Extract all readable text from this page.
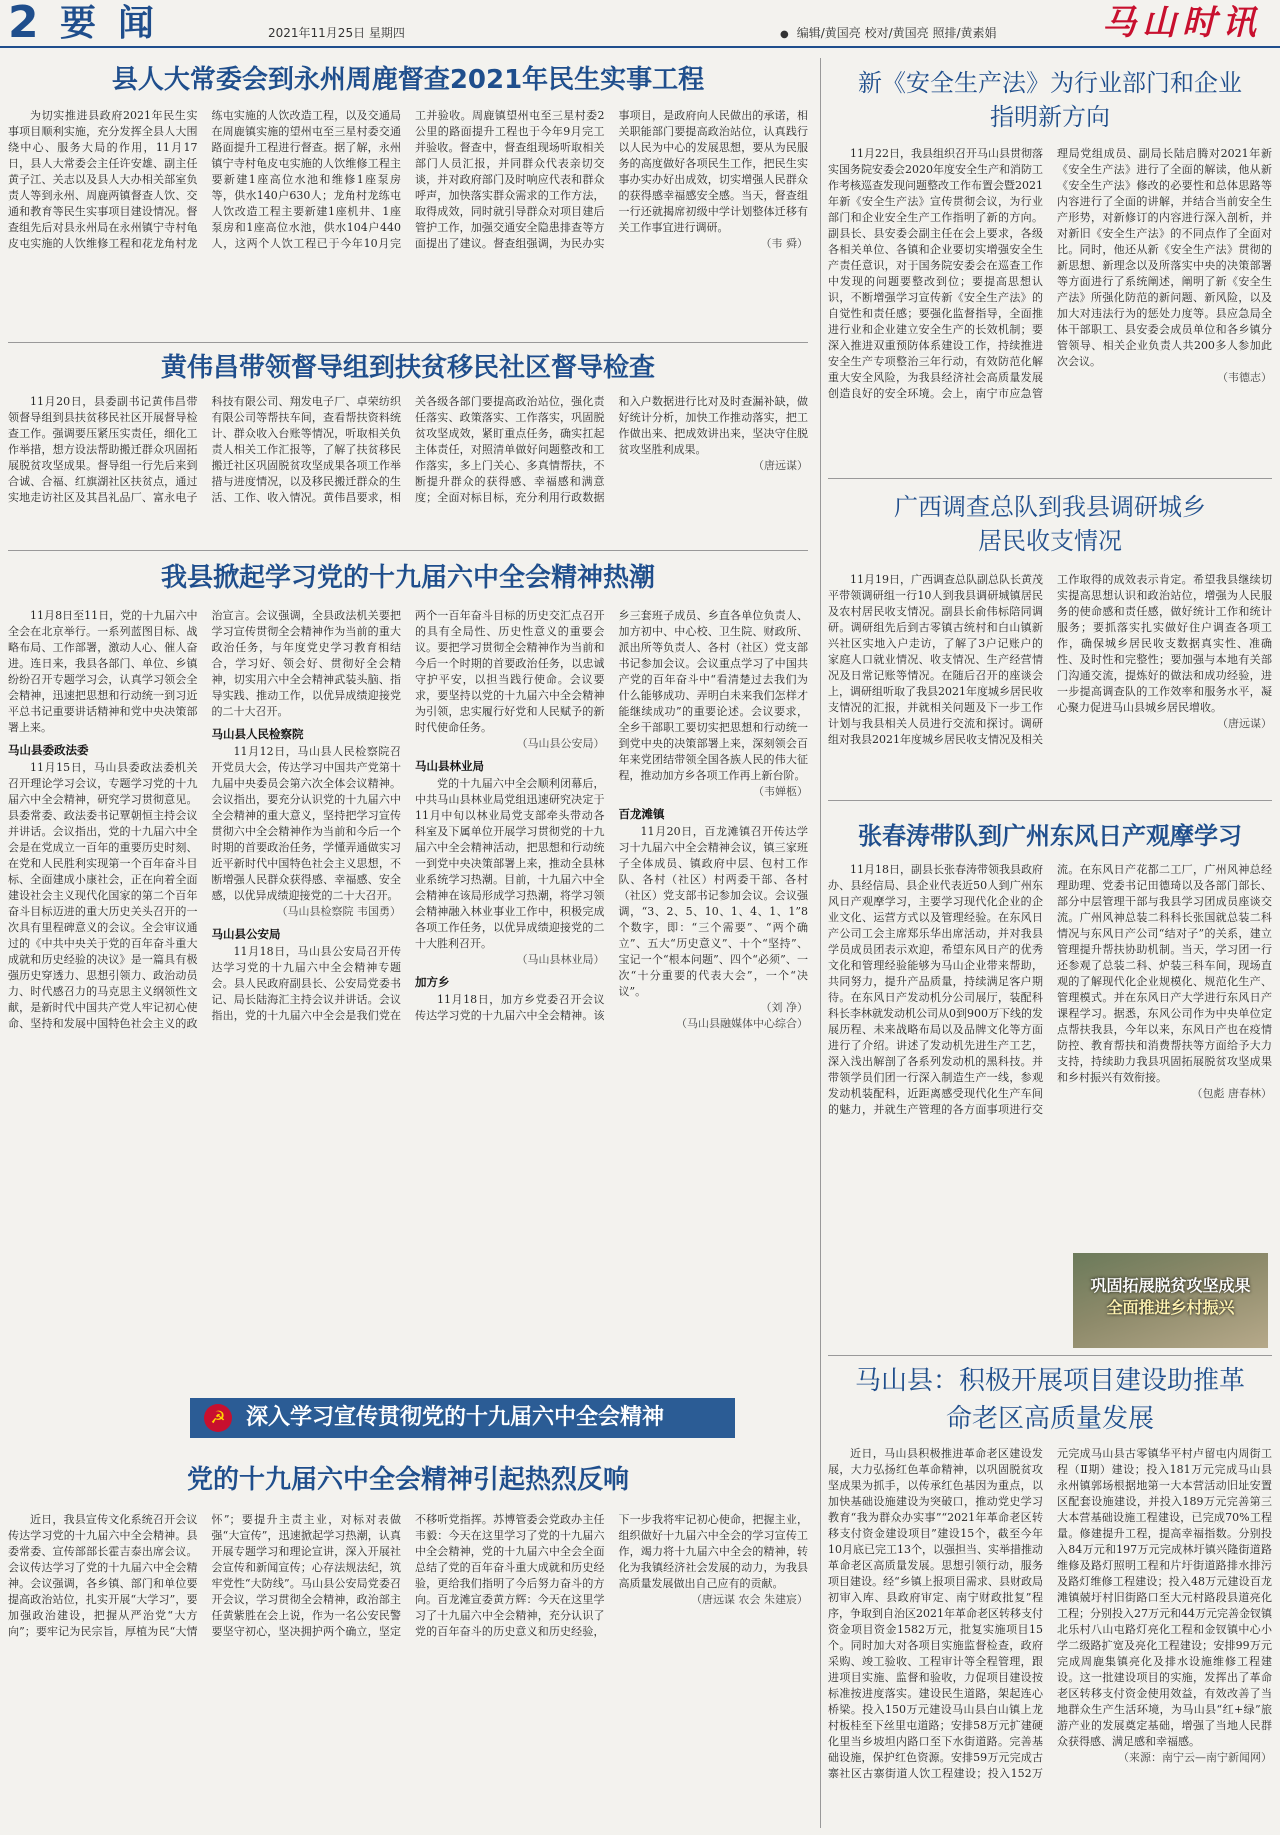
2 要闻	2021年11月25日 星期四
●	编辑/黄国亮 校对/黄国亮 照排/黄素娟	马山时讯
县人大常委会到永州周鹿督查2021年民生实事工程

为切实推进县政府2021年民生实事项目顺利实施，充分发挥全县人大围绕中心、服务大局的作用，11月17日，县人大常委会主任许安雄、副主任黄子江、关志以及县人大办相关部室负责人等到永州、周鹿两镇督查人饮、交通和教育等民生实事项目建设情况。督查组先后对县永州局在永州镇宁寺村龟皮屯实施的人饮维修工程和花龙角村龙练屯实施的人饮改造工程，以及交通局在周鹿镇实施的望州屯至三星村委交通路面提升工程进行督查。据了解，永州镇宁寺村龟皮屯实施的人饮维修工程主要新建1座高位水池和维修1座泵房等，供水140户630人；龙角村龙练屯人饮改造工程主要新建1座机井、1座泵房和1座高位水池，供水104户440人，这两个人饮工程已于今年10月完工并验收。周鹿镇望州屯至三星村委2公里的路面提升工程也于今年9月完工并验收。督查中，督查组现场听取相关部门人员汇报，并同群众代表亲切交谈，并对政府部门及时响应代表和群众呼声，加快落实群众需求的工作方法，取得成效，同时就引导群众对项目建后管护工作，加强交通安全隐患排查等方面提出了建议。督查组强调，为民办实事项目，是政府向人民做出的承诺，相关职能部门要提高政治站位，认真践行以人民为中心的发展思想，要从为民服务的高度做好各项民生工作，把民生实事办实办好出成效，切实增强人民群众的获得感幸福感安全感。当天，督查组一行还就揭席初级中学计划整体迁移有关工作事宜进行调研。

（韦 舜）
黄伟昌带领督导组到扶贫移民社区督导检查

11月20日，县委副书记黄伟昌带领督导组到县扶贫移民社区开展督导检查工作。强调要压紧压实责任，细化工作举措，想方设法帮助搬迁群众巩固拓展脱贫攻坚成果。督导组一行先后来到合诚、合福、红旗湖社区扶贫点，通过实地走访社区及其昌礼品厂、富永电子科技有限公司、翔发电子厂、卓荣纺织有限公司等帮扶车间，查看帮扶资料统计、群众收入台账等情况，听取相关负责人相关工作汇报等，了解了扶贫移民搬迁社区巩固脱贫攻坚成果各项工作举措与进度情况，以及移民搬迁群众的生活、工作、收入情况。黄伟昌要求，相关各级各部门要提高政治站位，强化责任落实、政策落实、工作落实，巩固脱贫攻坚成效，紧盯重点任务，确实扛起主体责任，对照清单做好问题整改和工作落实，多上门关心、多真情帮扶，不断提升群众的获得感、幸福感和满意度；全面对标目标，充分利用行政数据和入户数据进行比对及时查漏补缺，做好统计分析，加快工作推动落实，把工作做出来、把成效讲出来，坚决守住脱贫攻坚胜利成果。

（唐远谋）
我县掀起学习党的十九届六中全会精神热潮

11月8日至11日，党的十九届六中全会在北京举行。一系列蓝图目标、战略布局、工作部署，激动人心、催人奋进。连日来，我县各部门、单位、乡镇纷纷召开专题学习会，认真学习领会全会精神，迅速把思想和行动统一到习近平总书记重要讲话精神和党中央决策部署上来。

马山县委政法委

11月15日，马山县委政法委机关召开理论学习会议，专题学习党的十九届六中全会精神，研究学习贯彻意见。县委常委、政法委书记覃朝恒主持会议并讲话。会议指出，党的十九届六中全会是在党成立一百年的重要历史时刻、在党和人民胜利实现第一个百年奋斗目标、全面建成小康社会，正在向着全面建设社会主义现代化国家的第二个百年奋斗目标迈进的重大历史关头召开的一次具有里程碑意义的会议。全会审议通过的《中共中央关于党的百年奋斗重大成就和历史经验的决议》是一篇具有极强历史穿透力、思想引领力、政治动员力、时代感召力的马克思主义纲领性文献，是新时代中国共产党人牢记初心使命、坚持和发展中国特色社会主义的政治宣言。会议强调，全县政法机关要把学习宣传贯彻全会精神作为当前的重大政治任务，与年度党史学习教育相结合，学习好、领会好、贯彻好全会精神，切实用六中全会精神武装头脑、指导实践、推动工作，以优异成绩迎接党的二十大召开。

马山县人民检察院

11月12日，马山县人民检察院召开党员大会，传达学习中国共产党第十九届中央委员会第六次全体会议精神。会议指出，要充分认识党的十九届六中全会精神的重大意义，坚持把学习宣传贯彻六中全会精神作为当前和今后一个时期的首要政治任务，学懂弄通做实习近平新时代中国特色社会主义思想，不断增强人民群众获得感、幸福感、安全感，以优异成绩迎接党的二十大召开。

（马山县检察院 韦国勇）
马山县公安局

11月18日，马山县公安局召开传达学习党的十九届六中全会精神专题会。县人民政府副县长、公安局党委书记、局长陆海汇主持会议并讲话。会议指出，党的十九届六中全会是我们党在两个一百年奋斗目标的历史交汇点召开的具有全局性、历史性意义的重要会议。要把学习贯彻全会精神作为当前和今后一个时期的首要政治任务，以忠诚守护平安，以担当践行使命。会议要求，要坚持以党的十九届六中全会精神为引领，忠实履行好党和人民赋予的新时代使命任务。

（马山县公安局）
马山县林业局

党的十九届六中全会顺利闭幕后，中共马山县林业局党组迅速研究决定于11月中旬以林业局党支部牵头带动各科室及下属单位开展学习贯彻党的十九届六中全会精神活动，把思想和行动统一到党中央决策部署上来，推动全县林业系统学习热潮。目前，十九届六中全会精神在该局形成学习热潮，将学习领会精神融入林业事业工作中，积极完成各项工作任务，以优异成绩迎接党的二十大胜利召开。

（马山县林业局）
加方乡

11月18日，加方乡党委召开会议传达学习党的十九届六中全会精神。该乡三套班子成员、乡直各单位负责人、加方初中、中心校、卫生院、财政所、派出所等负责人、各村（社区）党支部书记参加会议。会议重点学习了中国共产党的百年奋斗中“看清楚过去我们为什么能够成功、弄明白未来我们怎样才能继续成功”的重要论述。会议要求，全乡干部职工要切实把思想和行动统一到党中央的决策部署上来，深刻领会百年来党团结带领全国各族人民的伟大征程，推动加方乡各项工作再上新台阶。

（韦婵柩）
百龙滩镇

11月20日，百龙滩镇召开传达学习十九届六中全会精神会议，镇三家班子全体成员、镇政府中层、包村工作队、各村（社区）村两委干部、各村（社区）党支部书记参加会议。会议强调，“3、2、5、10、1、4、1、1”8个数字，即：“三个需要”、“两个确立”、五大“历史意义”、十个“坚持”、宝记一个“根本问题”、四个“必须”、一次“十分重要的代表大会”，一个“决议”。

（刘 净）
（马山县融媒体中心综合）
☭ 深入学习宣传贯彻党的十九届六中全会精神
党的十九届六中全会精神引起热烈反响

近日，我县宣传文化系统召开会议传达学习党的十九届六中全会精神。县委常委、宣传部部长霍吉泰出席会议。会议传达学习了党的十九届六中全会精神。会议强调，各乡镇、部门和单位要提高政治站位，扎实开展“大学习”，要加强政治建设，把握从严治党“大方向”；要牢记为民宗旨，厚植为民“大情怀”；要提升主责主业，对标对表做强“大宣传”，迅速掀起学习热潮，认真开展专题学习和理论宣讲，深入开展社会宣传和新闻宣传；心存法规法纪，筑牢党性“大防线”。马山县公安局党委召开会议，学习贯彻全会精神，政治部主任黄紫胜在会上说，作为一名公安民警要坚守初心，坚决拥护两个确立，坚定不移听党指挥。苏博管委会党政办主任韦毅：今天在这里学习了党的十九届六中全会精神，党的十九届六中全会全面总结了党的百年奋斗重大成就和历史经验，更给我们指明了今后努力奋斗的方向。百龙滩宣委黄方辉：今天在这里学习了十九届六中全会精神，充分认识了党的百年奋斗的历史意义和历史经验，下一步我将牢记初心使命，把握主业，组织做好十九届六中全会的学习宣传工作，竭力将十九届六中全会的精神，转化为我镇经济社会发展的动力，为我县高质量发展做出自己应有的贡献。

（唐远谋 农会 朱建宸）
新《安全生产法》为行业部门和企业指明新方向

11月22日，我县组织召开马山县贯彻落实国务院安委会2020年度安全生产和消防工作考核巡查发现问题整改工作布置会暨2021年新《安全生产法》宣传贯彻会议，为行业部门和企业安全生产工作指明了新的方向。副县长、县安委会副主任在会上要求，各级各相关单位、各镇和企业要切实增强安全生产责任意识，对于国务院安委会在巡查工作中发现的问题要整改到位；要提高思想认识，不断增强学习宣传新《安全生产法》的自觉性和责任感；要强化监督指导，全面推进行业和企业建立安全生产的长效机制；要深入推进双重预防体系建设工作，持续推进安全生产专项整治三年行动，有效防范化解重大安全风险，为我县经济社会高质量发展创造良好的安全环境。会上，南宁市应急管理局党组成员、副局长陆启腾对2021年新《安全生产法》进行了全面的解读，他从新《安全生产法》修改的必要性和总体思路等内容进行了全面的讲解，并结合当前安全生产形势，对新修订的内容进行深入剖析，并对新旧《安全生产法》的不同点作了全面对比。同时，他还从新《安全生产法》贯彻的新思想、新理念以及所落实中央的决策部署等方面进行了系统阐述，阐明了新《安全生产法》所强化防范的新问题、新风险，以及加大对违法行为的惩处力度等。县应急局全体干部职工、县安委会成员单位和各乡镇分管领导、相关企业负责人共200多人参加此次会议。

（韦德志）
广西调查总队到我县调研城乡居民收支情况

11月19日，广西调查总队副总队长黄茂平带领调研组一行10人到我县调研城镇居民及农村居民收支情况。副县长俞伟标陪同调研。调研组先后到古零镇古统村和白山镇新兴社区实地入户走访，了解了3户记账户的家庭人口就业情况、收支情况、生产经营情况及日常记账等情况。在随后召开的座谈会上，调研组听取了我县2021年度城乡居民收支情况的汇报，并就相关问题及下一步工作计划与我县相关人员进行交流和探讨。调研组对我县2021年度城乡居民收支情况及相关工作取得的成效表示肯定。希望我县继续切实提高思想认识和政治站位，增强为人民服务的使命感和责任感，做好统计工作和统计服务；要抓落实扎实做好住户调查各项工作，确保城乡居民收支数据真实性、准确性、及时性和完整性；要加强与本地有关部门沟通交流，提炼好的做法和成功经验，进一步提高调查队的工作效率和服务水平，凝心聚力促进马山县城乡居民增收。

（唐远谋）
张春涛带队到广州东风日产观摩学习

11月18日，副县长张春涛带领我县政府办、县经信局、县企业代表近50人到广州东风日产观摩学习，主要学习现代化企业的企业文化、运营方式以及管理经验。在东风日产公司工会主席郑乐华出席活动，并对我县学员成员团表示欢迎，希望东风日产的优秀文化和管理经验能够为马山企业带来帮助，共同努力，提升产品质量，持续满足客户期待。在东风日产发动机分公司展厅，装配科科长李林就发动机公司从0到900万下线的发展历程、未来战略布局以及品牌文化等方面进行了介绍。讲述了发动机先进生产工艺，深入浅出解剖了各系列发动机的黑科技。并带领学员们团一行深入制造生产一线，参观发动机装配科，近距离感受现代化生产车间的魅力，并就生产管理的各方面事项进行交流。在东风日产花都二工厂，广州风神总经理助理、党委书记田德琦以及各部门部长、部分中层管理干部与我县学习团成员座谈交流。广州风神总装二科科长张国就总装二科情况与东风日产公司“结对子”的关系，建立管理提升帮扶协助机制。当天，学习团一行还参观了总装二科、炉装三科车间，现场直观的了解现代化企业规模化、规范化生产、管理模式。并在东风日产大学进行东风日产课程学习。据悉，东风公司作为中央单位定点帮扶我县，今年以来，东风日产也在疫情防控、教育帮扶和消费帮扶等方面给予大力支持，持续助力我县巩固拓展脱贫攻坚成果和乡村振兴有效衔接。

（包彪 唐春林）
巩固拓展脱贫攻坚成果
全面推进乡村振兴
马山县：积极开展项目建设助推革命老区高质量发展

近日，马山县积极推进革命老区建设发展，大力弘扬红色革命精神，以巩固脱贫攻坚成果为抓手，以传承红色基因为重点，以加快基础设施建设为突破口，推动党史学习教育“我为群众办实事”“2021年革命老区转移支付资金建设项目”建设15个，截至今年10月底已完工13个，以强担当、实举措推动革命老区高质量发展。思想引领行动，服务项目建设。经“乡镇上报项目需求、县财政局初审入库、县政府审定、南宁财政批复”程序，争取到自治区2021年革命老区转移支付资金项目资金1582万元，批复实施项目15个。同时加大对各项目实施监督检查，政府采购、竣工验收、工程审计等全程管理，跟进项目实施、监督和验收，力促项目建设按标准按进度落实。建设民生道路，架起连心桥梁。投入150万元建设马山县白山镇上龙村板桂至下丝里屯道路；安排58万元扩建硬化里当乡坡坦内路口至下水街道路。完善基础设施，保护红色资源。安排59万元完成古寨社区古寨街道人饮工程建设；投入152万元完成马山县古零镇华平村卢留屯内周街工程（Ⅱ期）建设；投入181万元完成马山县永州镇郭场根据地第一大本营活动旧址安置区配套设施建设，并投入189万元完善第三大本营基础设施工程建设，已完成70%工程量。修建提升工程，提高幸福指数。分别投入84万元和197万元完成林圩镇兴隆街道路维修及路灯照明工程和片圩街道路排水排污及路灯维修工程建设；投入48万元建设百龙滩镇兢圩村旧街路口至大元村路段县道亮化工程；分别投入27万元和44万元完善金钗镇北乐村八山屯路灯亮化工程和金钗镇中心小学二级路扩宽及亮化工程建设；安排99万元完成周鹿集镇亮化及排水设施维修工程建设。这一批建设项目的实施，发挥出了革命老区转移支付资金使用效益，有效改善了当地群众生产生活环境，为马山县“红+绿”旅游产业的发展奠定基础，增强了当地人民群众获得感、满足感和幸福感。

（来源：南宁云—南宁新闻网）
